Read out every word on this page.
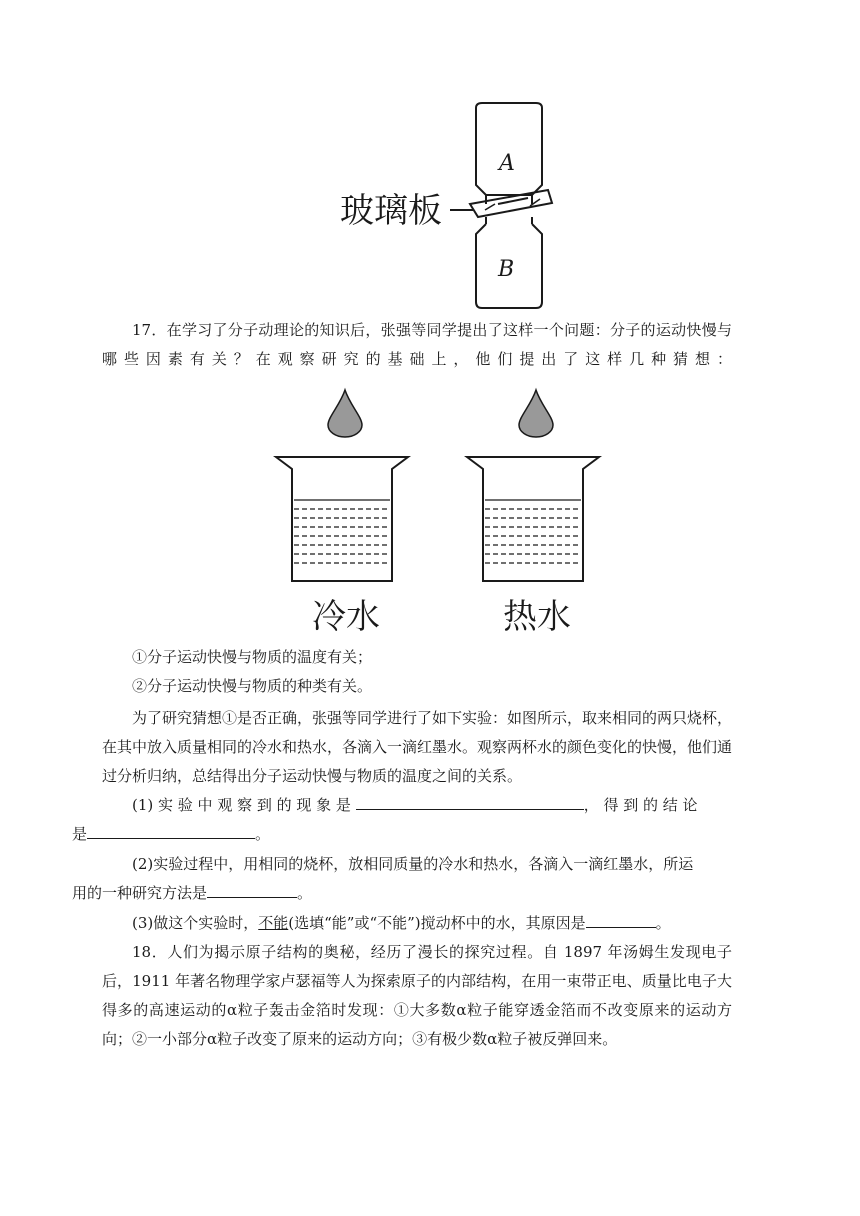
玻璃板
A
B

17．在学习了分子动理论的知识后，张强等同学提出了这样一个问题：分子的运动快慢与哪些因素有关？在观察研究的基础上，他们提出了这样几种猜想：

冷水	热水

①分子运动快慢与物质的温度有关；

②分子运动快慢与物质的种类有关。

为了研究猜想①是否正确，张强等同学进行了如下实验：如图所示，取来相同的两只烧杯，在其中放入质量相同的冷水和热水，各滴入一滴红墨水。观察两杯水的颜色变化的快慢，他们通过分析归纳，总结得出分子运动快慢与物质的温度之间的关系。

(1) 实 验 中 观 察 到 的 现 象 是	， 得 到 的 结 论
是	。

(2)实验过程中，用相同的烧杯，放相同质量的冷水和热水，各滴入一滴红墨水，所运
用的一种研究方法是	。

(3)做这个实验时，不能(选填“能”或“不能”)搅动杯中的水，其原因是	。

18．人们为揭示原子结构的奥秘，经历了漫长的探究过程。自 1897 年汤姆生发现电子后，1911 年著名物理学家卢瑟福等人为探索原子的内部结构，在用一束带正电、质量比电子大得多的高速运动的α粒子轰击金箔时发现：①大多数α粒子能穿透金箔而不改变原来的运动方向；②一小部分α粒子改变了原来的运动方向；③有极少数α粒子被反弹回来。
